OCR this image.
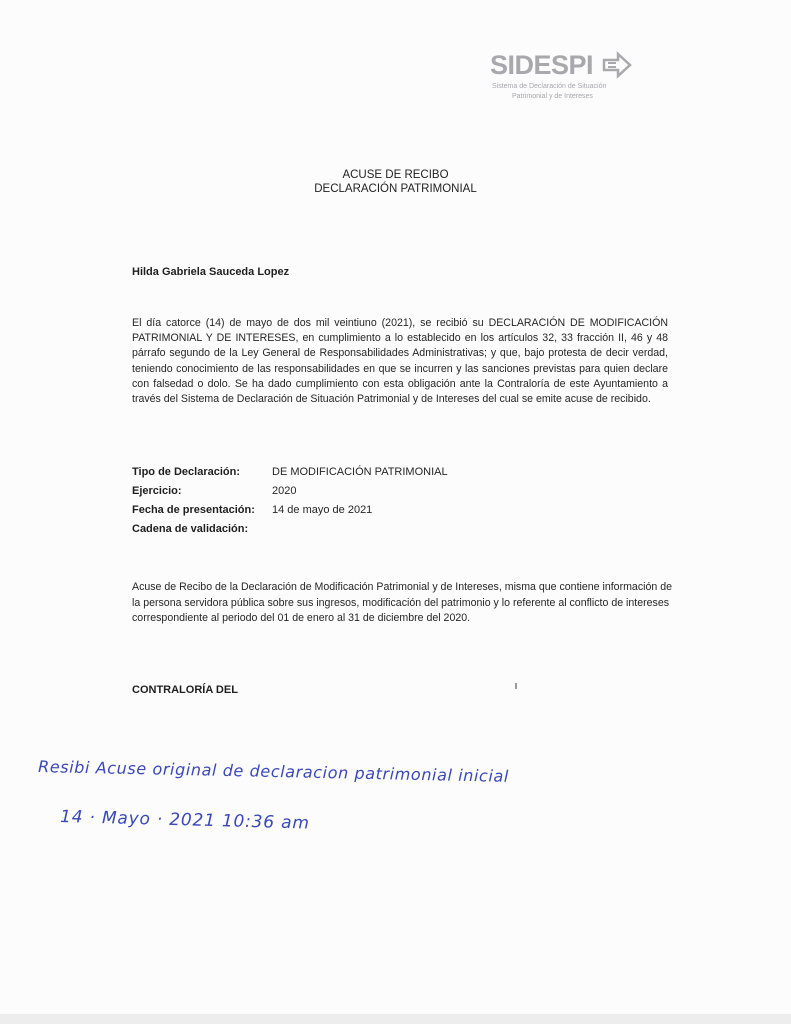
SIDESPI
Sistema de Declaración de Situación
Patrimonial y de Intereses
ACUSE DE RECIBO
DECLARACIÓN PATRIMONIAL
Hilda Gabriela Sauceda Lopez

El día catorce (14) de mayo de dos mil veintiuno (2021), se recibió su DECLARACIÓN DE MODIFICACIÓN PATRIMONIAL Y DE INTERESES, en cumplimiento a lo establecido en los artículos 32, 33 fracción II, 46 y 48 párrafo segundo de la Ley General de Responsabilidades Administrativas; y que, bajo protesta de decir verdad, teniendo conocimiento de las responsabilidades en que se incurren y las sanciones previstas para quien declare con falsedad o dolo. Se ha dado cumplimiento con esta obligación ante la Contraloría de este Ayuntamiento a través del Sistema de Declaración de Situación Patrimonial y de Intereses del cual se emite acuse de recibido.

Tipo de Declaración:	DE MODIFICACIÓN PATRIMONIAL
Ejercicio:	2020
Fecha de presentación:	14 de mayo de 2021
Cadena de validación:

Acuse de Recibo de la Declaración de Modificación Patrimonial y de Intereses, misma que contiene información de la persona servidora pública sobre sus ingresos, modificación del patrimonio y lo referente al conflicto de intereses correspondiente al periodo del 01 de enero al 31 de diciembre del 2020.

CONTRALORÍA DEL
Resibi Acuse original de declaracion patrimonial inicial
14 · Mayo · 2021 10:36 am
